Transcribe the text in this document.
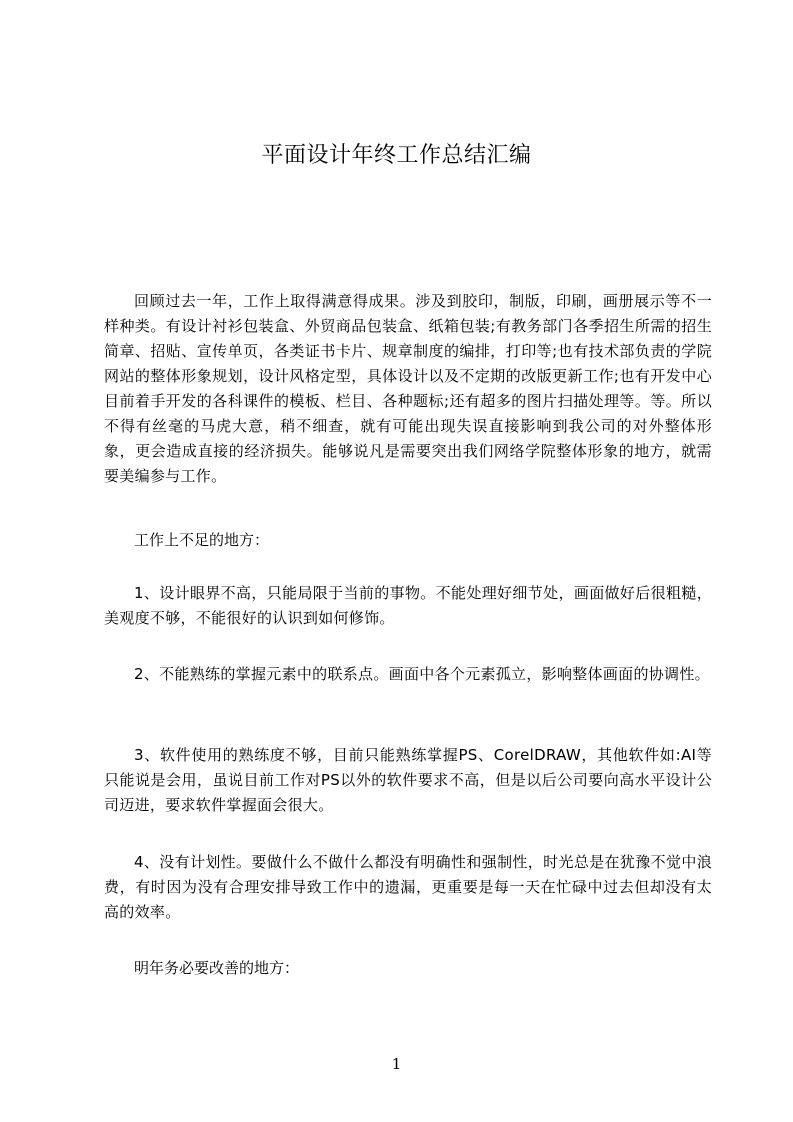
平面设计年终工作总结汇编

回顾过去一年，工作上取得满意得成果。涉及到胶印，制版，印刷，画册展示等不一样种类。有设计衬衫包装盒、外贸商品包装盒、纸箱包装;有教务部门各季招生所需的招生简章、招贴、宣传单页，各类证书卡片、规章制度的编排，打印等;也有技术部负责的学院网站的整体形象规划，设计风格定型，具体设计以及不定期的改版更新工作;也有开发中心目前着手开发的各科课件的模板、栏目、各种题标;还有超多的图片扫描处理等。等。所以不得有丝毫的马虎大意，稍不细查，就有可能出现失误直接影响到我公司的对外整体形象，更会造成直接的经济损失。能够说凡是需要突出我们网络学院整体形象的地方，就需要美编参与工作。

工作上不足的地方：

1、设计眼界不高，只能局限于当前的事物。不能处理好细节处，画面做好后很粗糙，美观度不够，不能很好的认识到如何修饰。

2、不能熟练的掌握元素中的联系点。画面中各个元素孤立，影响整体画面的协调性。

3、软件使用的熟练度不够，目前只能熟练掌握PS、CorelDRAW，其他软件如:AI等只能说是会用，虽说目前工作对PS以外的软件要求不高，但是以后公司要向高水平设计公司迈进，要求软件掌握面会很大。

4、没有计划性。要做什么不做什么都没有明确性和强制性，时光总是在犹豫不觉中浪费，有时因为没有合理安排导致工作中的遗漏，更重要是每一天在忙碌中过去但却没有太高的效率。

明年务必要改善的地方：

1
